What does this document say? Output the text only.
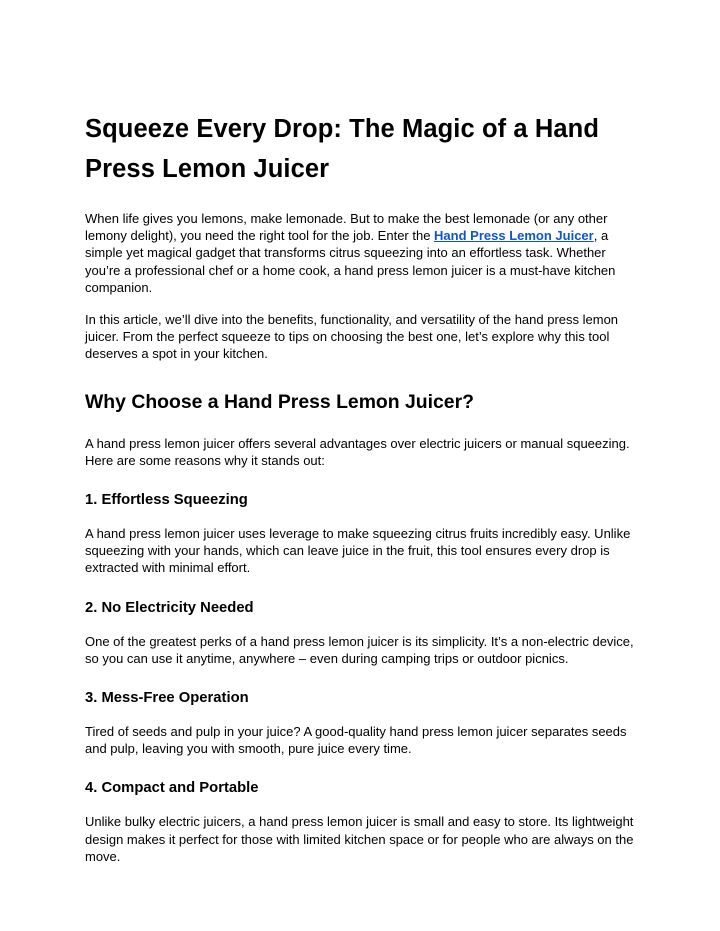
Squeeze Every Drop: The Magic of a Hand Press Lemon Juicer

When life gives you lemons, make lemonade. But to make the best lemonade (or any other lemony delight), you need the right tool for the job. Enter the Hand Press Lemon Juicer, a simple yet magical gadget that transforms citrus squeezing into an effortless task. Whether you’re a professional chef or a home cook, a hand press lemon juicer is a must-have kitchen companion.

In this article, we’ll dive into the benefits, functionality, and versatility of the hand press lemon juicer. From the perfect squeeze to tips on choosing the best one, let’s explore why this tool deserves a spot in your kitchen.

Why Choose a Hand Press Lemon Juicer?

A hand press lemon juicer offers several advantages over electric juicers or manual squeezing. Here are some reasons why it stands out:

1. Effortless Squeezing

A hand press lemon juicer uses leverage to make squeezing citrus fruits incredibly easy. Unlike squeezing with your hands, which can leave juice in the fruit, this tool ensures every drop is extracted with minimal effort.

2. No Electricity Needed

One of the greatest perks of a hand press lemon juicer is its simplicity. It’s a non-electric device, so you can use it anytime, anywhere – even during camping trips or outdoor picnics.

3. Mess-Free Operation

Tired of seeds and pulp in your juice? A good-quality hand press lemon juicer separates seeds and pulp, leaving you with smooth, pure juice every time.

4. Compact and Portable

Unlike bulky electric juicers, a hand press lemon juicer is small and easy to store. Its lightweight design makes it perfect for those with limited kitchen space or for people who are always on the move.
